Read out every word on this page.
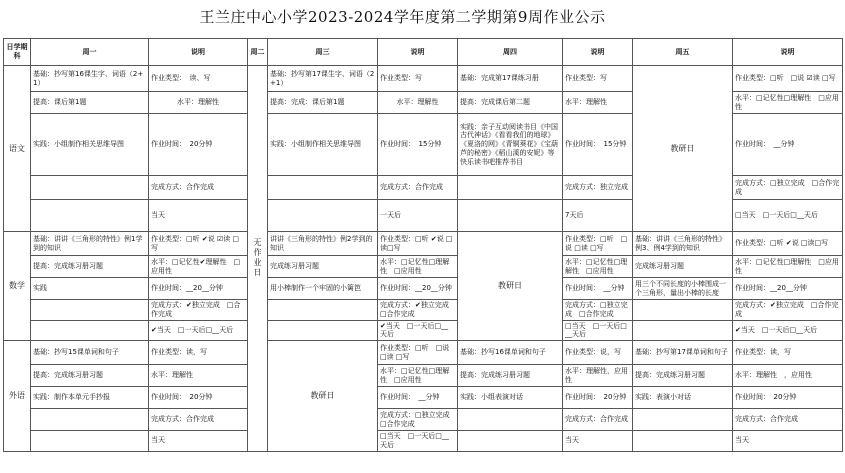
王兰庄中心小学2023-2024学年度第二学期第9周作业公示
日学期科	周一	说明	周二	周三	说明	周四	说明	周五	说明
语文	基础：抄写第16课生字、词语（2+1）	作业类型：　读、写	无作业日	基础：抄写第17课生字、词语（2+1）	作业类型：写	基础：完成第17课练习册	作业类型：写	教研日	作业类型：□听　□说 ☑读 □写
	提高：课后第1题	水平：理解性		提高：完成：课后第1题	水平：理解性	提高：完成课后第二题	水平：理解性		水平：□记忆性□理解性　□应用性
	实践：小组制作相关思维导图	作业时间：　20分钟		实践：小组制作相关思维导图	作业时间：　15分钟	实践：亲子互动阅读书目《中国古代神话》《看看我们的地球》《夏洛的网》《青铜葵花》《宝葫芦的秘密》《稻山溪的安妮》等快乐读书吧推荐书目	作业时间：　15分钟		作业时间：　__分钟
		完成方式：合作完成			完成方式：合作完成		完成方式：独立完成		完成方式：□独立完成　□合作完成
		当天			一天后		7天后		□当天　□一天后□__天后
数学	基础：讲讲《三角形的特性》例1学到的知识	作业类型：□听 ✔说 ☑读 □写		讲讲《三角形的特性》例2学到的知识	作业类型：□听 ✔说 □读□写	教研日	作业类型：□听　□说 □读 □写	基础：讲讲《三角形的特性》例3、例4学到的知识	作业类型：□听 ✔说 □读□写
	提高：完成练习册习题	水平：□记忆性✔理解性　□应用性		完成练习册习题	水平：□记忆性□理解性　□应用性		水平：□记忆性□理解性　□应用性	完成练习册习题	水平：□记忆性□理解性　□应用性
	实践	作业时间：__20__分钟		用小棒制作一个牢固的小篱笆	作业时间：__20__分钟		作业时间：　__分钟	用三个不同长度的小棒围成一个三角形，量出小棒的长度	作业时间：__20__分钟
		完成方式：✔独立完成　□合作完成			完成方式：✔独立完成　□合作完成		完成方式：□独立完成　□合作完成		完成方式：✔独立完成　□合作完成
		✔当天　□一天后□__天后			✔当天　□一天后□__天后		□当天　□一天后□__天后		✔当天　□一天后□__天后
外语	基础：抄写15课单词和句子	作业类型：读，写		教研日	作业类型：□听　□说 □读 □写	基础：抄写16课单词和句子	作业类型：说，写	基础：抄写第17课单词和句子	作业类型：读，写
	提高：完成练习册习题	水平：理解性			水平：□记忆性□理解性　□应用性	提高：完成练习册习题	水平：理解性，应用性	提高：完成练习册习题	水平：理解性　，应用性
	实践：制作本单元手抄报	作业时间：　20分钟			作业时间：　__分钟	实践：小组表演对话	作业时间：　20分钟	实践：表演小对话	作业时间：　20分钟
		完成方式：合作完成			完成方式：□独立完成　□合作完成		完成方式：合作完成		完成方式：合作完成
		当天			□当天　□一天后□__天后		当天		当天
